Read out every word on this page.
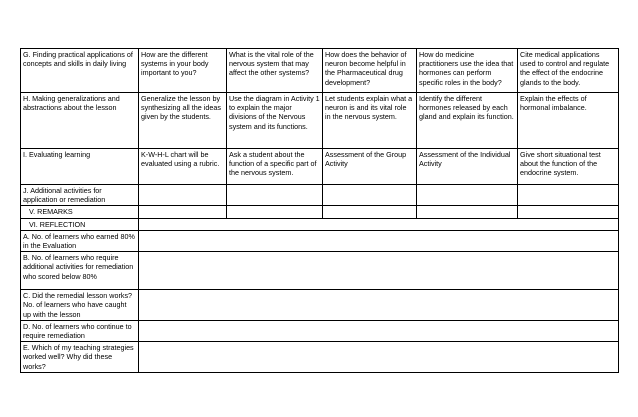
G. Finding practical applications of concepts and skills in daily living	How are the different systems in your body important to you?	What is the vital role of the nervous system that may affect the other systems?	How does the behavior of neuron become helpful in the Pharmaceutical drug development?	How do medicine practitioners use the idea that hormones can perform specific roles in the body?	Cite medical applications used to control and regulate the effect of the endocrine glands to the body.
H. Making generalizations and abstractions about the lesson	Generalize the lesson by synthesizing all the ideas given by the students.	Use the diagram in Activity 1 to explain the major divisions of the Nervous system and its functions.	Let students explain what a neuron is and its vital role in the nervous system.	Identify the different hormones released by each gland and explain its function.	Explain the effects of hormonal imbalance.
I. Evaluating learning	K-W-H-L chart will be evaluated using a rubric.	Ask a student about the function of a specific part of the nervous system.	Assessment of the Group Activity	Assessment of the Individual Activity	Give short situational test about the function of the endocrine system.
J. Additional activities for application or remediation					
V. REMARKS					
VI. REFLECTION					
A. No. of learners who earned 80% in the Evaluation					
B. No. of learners who require additional activities for remediation who scored below 80%					
C. Did the remedial lesson works? No. of learners who have caught up with the lesson					
D. No. of learners who continue to require remediation					
E. Which of my teaching strategies worked well? Why did these works?					
